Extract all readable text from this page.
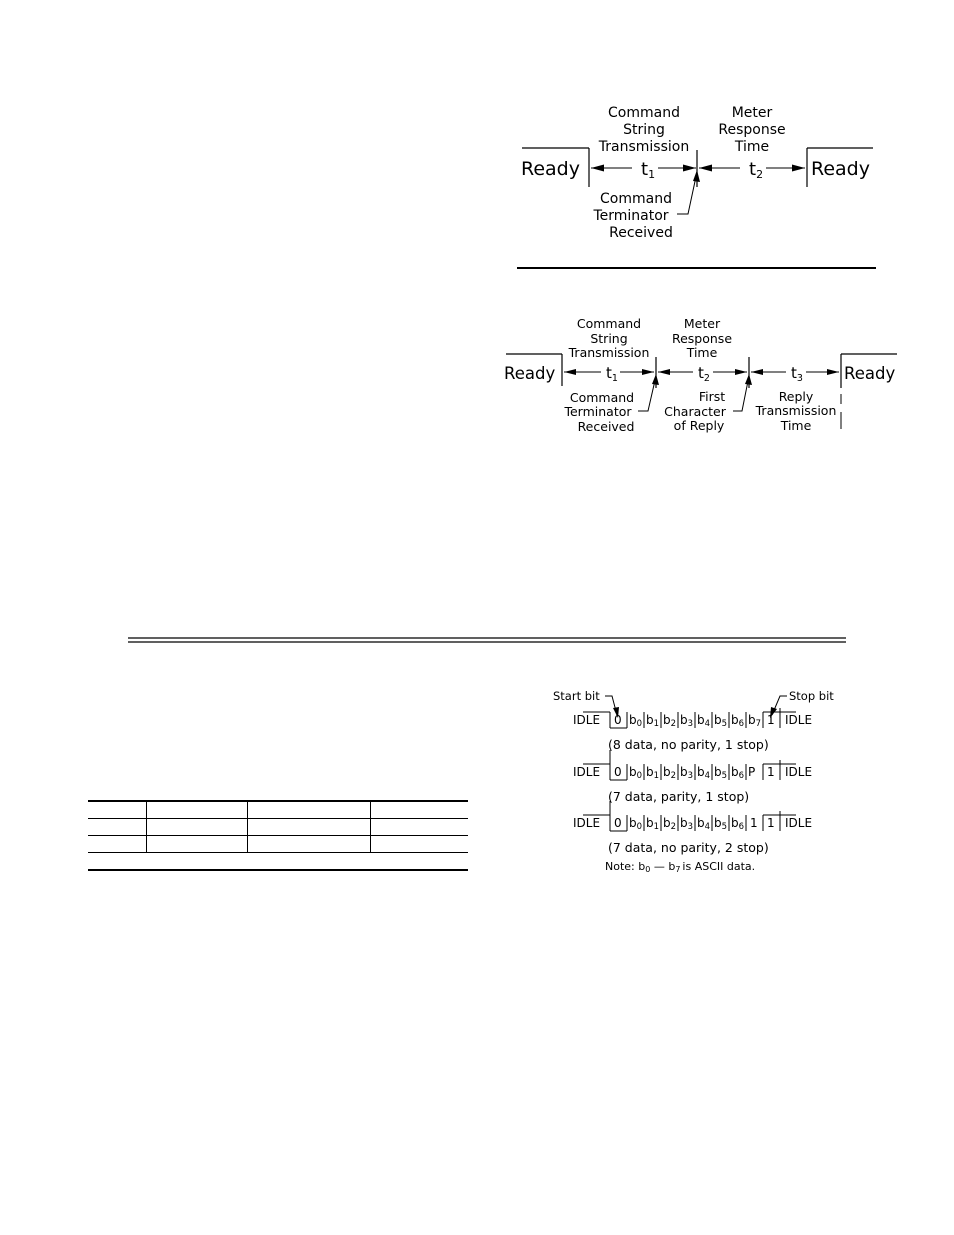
Command
String
Transmission
Meter
Response
Time
Ready	t1	t2	Ready
Command
Terminator
Received
Command
String
Transmission
Meter
Response
Time
Ready	$t_1$	$t_2$	$t_3$ Ready
Command
Terminator
Received
First
Character
of Reply
Reply
Transmission
Time
Start bit	Stop bit
IDLE 0 b0 b1 b2 b3 b4 b5 b6 b7 1 IDLE
(8 data, no parity, 1 stop)
IDLE 0 b0 b1 b2 b3 b4 b5 b6 P 1 IDLE
(7 data, parity, 1 stop)
IDLE 0 b0 b1 b2 b3 b4 b5 b6 1 1 IDLE
(7 data, no parity, 2 stop)
Note: b0 — b7 is ASCII data.
